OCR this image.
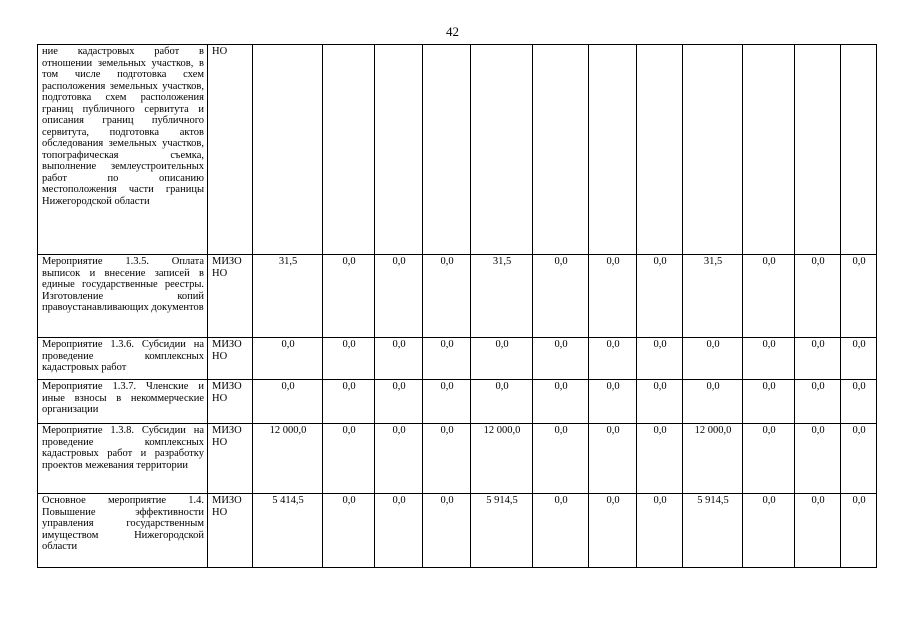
42
ние кадастровых работ в отношении земельных участков, в том числе подготовка схем расположения земельных участков, подготовка схем расположения границ публичного сервитута и описания границ публичного сервитута, подготовка актов обследования земельных участков, топографическая съемка, выполнение землеустроительных работ по описанию местоположения части границы Нижегородской области	НО												
Мероприятие 1.3.5. Оплата выписок и внесение записей в единые государственные реестры. Изготовление копий правоустанавливающих документов	МИЗО НО	31,5	0,0	0,0	0,0	31,5	0,0	0,0	0,0	31,5	0,0	0,0	0,0
Мероприятие 1.3.6. Субсидии на проведение комплексных кадастровых работ	МИЗО НО	0,0	0,0	0,0	0,0	0,0	0,0	0,0	0,0	0,0	0,0	0,0	0,0
Мероприятие 1.3.7. Членские и иные взносы в некоммерческие организации	МИЗО НО	0,0	0,0	0,0	0,0	0,0	0,0	0,0	0,0	0,0	0,0	0,0	0,0
Мероприятие 1.3.8. Субсидии на проведение комплексных кадастровых работ и разработку проектов межевания территории	МИЗО НО	12 000,0	0,0	0,0	0,0	12 000,0	0,0	0,0	0,0	12 000,0	0,0	0,0	0,0
Основное мероприятие 1.4. Повышение эффективности управления государственным имуществом Нижегородской области	МИЗО НО	5 414,5	0,0	0,0	0,0	5 914,5	0,0	0,0	0,0	5 914,5	0,0	0,0	0,0
